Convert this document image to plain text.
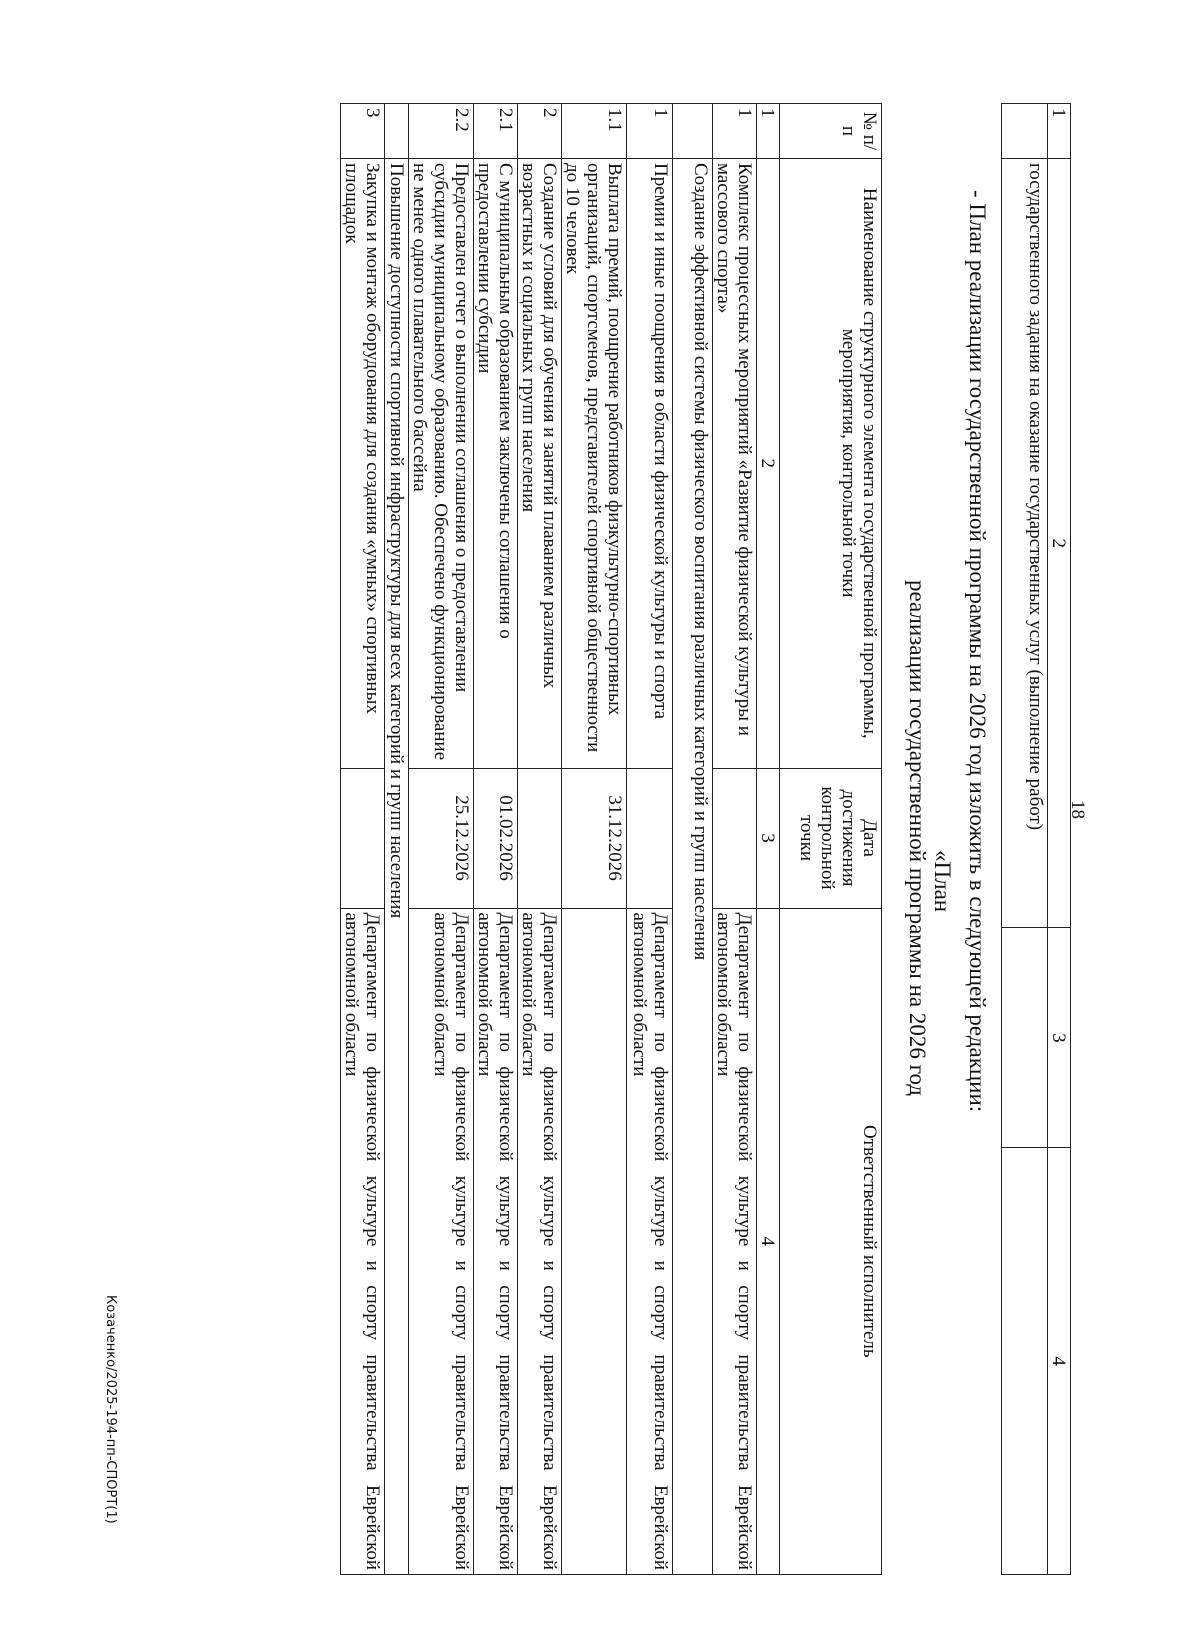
18
1	2	3	4
	государственного задания на оказание государственных услуг (выполнение работ)		
- План реализации государственной программы на 2026 год изложить в следующей редакции:
«План
реализации государственной программы на 2026 год
№ п/п	Наименование структурного элемента государственной программы, мероприятия, контрольной точки	Дата достижения контрольной точки	Ответственный исполнитель
1	2	3	4
1	Комплекс процессных мероприятий «Развитие физической культуры и массового спорта»		Департамент по физической культуре и спорту правительства Еврейской автономной области
	Создание эффективной системы физического воспитания различных категорий и групп населения		
1	Премии и иные поощрения в области физической культуры и спорта		Департамент по физической культуре и спорту правительства Еврейской автономной области
1.1	Выплата премий, поощрение работников физкультурно-спортивных организаций, спортсменов, представителей спортивной общественности до 10 человек	31.12.2026	
2	Создание условий для обучения и занятий плаванием различных возрастных и социальных групп населения		Департамент по физической культуре и спорту правительства Еврейской автономной области
2.1	С муниципальным образованием заключены соглашения о предоставлении субсидии	01.02.2026	Департамент по физической культуре и спорту правительства Еврейской автономной области
2.2	Предоставлен отчет о выполнении соглашения о предоставлении субсидии муниципальному образованию. Обеспечено функционирование не менее одного плавательного бассейна	25.12.2026	Департамент по физической культуре и спорту правительства Еврейской автономной области
	Повышение доступности спортивной инфраструктуры для всех категорий и групп населения		
3	Закупка и монтаж оборудования для создания «умных» спортивных площадок		Департамент по физической культуре и спорту правительства Еврейской автономной области
Козаченко/2025-194-пп-СПОРТ(1)
